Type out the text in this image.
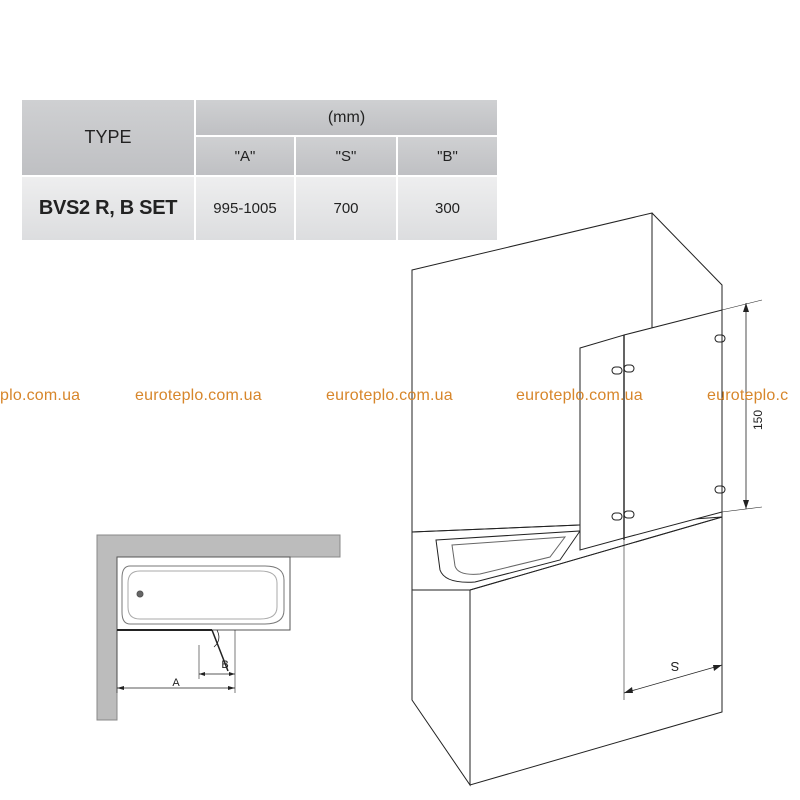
TYPE
(mm)
"A"	"S"	"B"
BVS2 R, B SET	995-1005	700	300
A
B
150
S
plo.com.ua	euroteplo.com.ua	euroteplo.com.ua	euroteplo.com.ua	euroteplo.c
